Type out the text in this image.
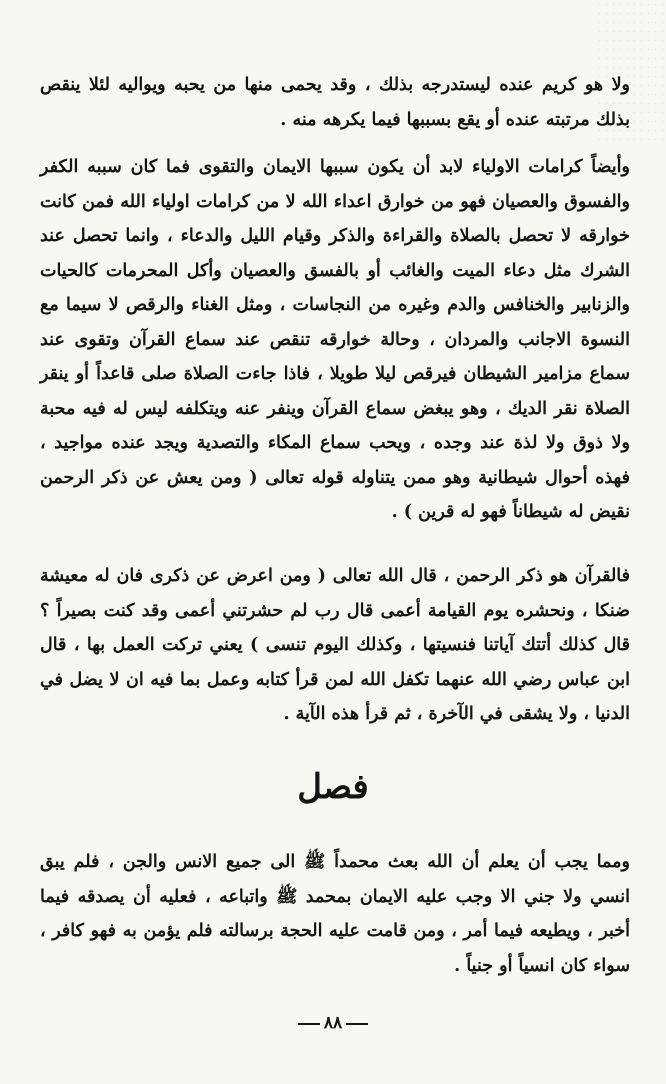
ولا هو كريم عنده ليستدرجه بذلك ، وقد يحمى منها من يحبه ويواليه لئلا ينقص بذلك مرتبته عنده أو يقع بسببها فيما يكرهه منه .

وأيضاً كرامات الاولياء لابد أن يكون سببها الايمان والتقوى فما كان سببه الكفر والفسوق والعصيان فهو من خوارق اعداء الله لا من كرامات اولياء الله فمن كانت خوارقه لا تحصل بالصلاة والقراءة والذكر وقيام الليل والدعاء ، وانما تحصل عند الشرك مثل دعاء الميت والغائب أو بالفسق والعصيان وأكل المحرمات كالحيات والزنابير والخنافس والدم وغيره من النجاسات ، ومثل الغناء والرقص لا سيما مع النسوة الاجانب والمردان ، وحالة خوارقه تنقص عند سماع القرآن وتقوى عند سماع مزامير الشيطان فيرقص ليلا طويلا ، فاذا جاءت الصلاة صلى قاعداً أو ينقر الصلاة نقر الديك ، وهو يبغض سماع القرآن وينفر عنه ويتكلفه ليس له فيه محبة ولا ذوق ولا لذة عند وجده ، ويحب سماع المكاء والتصدية ويجد عنده مواجيد ، فهذه أحوال شيطانية وهو ممن يتناوله قوله تعالى ( ومن يعش عن ذكر الرحمن نقيض له شيطاناً فهو له قرين ) .

فالقرآن هو ذكر الرحمن ، قال الله تعالى ( ومن اعرض عن ذكرى فان له معيشة ضنكا ، ونحشره يوم القيامة أعمى قال رب لم حشرتني أعمى وقد كنت بصيراً ؟ قال كذلك أتتك آياتنا فنسيتها ، وكذلك اليوم تنسى ) يعني تركت العمل بها ، قال ابن عباس رضي الله عنهما تكفل الله لمن قرأ كتابه وعمل بما فيه ان لا يضل في الدنيا ، ولا يشقى في الآخرة ، ثم قرأ هذه الآية .

فصل

ومما يجب أن يعلم أن الله بعث محمداً ﷺ الى جميع الانس والجن ، فلم يبق انسي ولا جني الا وجب عليه الايمان بمحمد ﷺ واتباعه ، فعليه أن يصدقه فيما أخبر ، ويطيعه فيما أمر ، ومن قامت عليه الحجة برسالته فلم يؤمن به فهو كافر ، سواء كان انسياً أو جنياً .

٨٨
